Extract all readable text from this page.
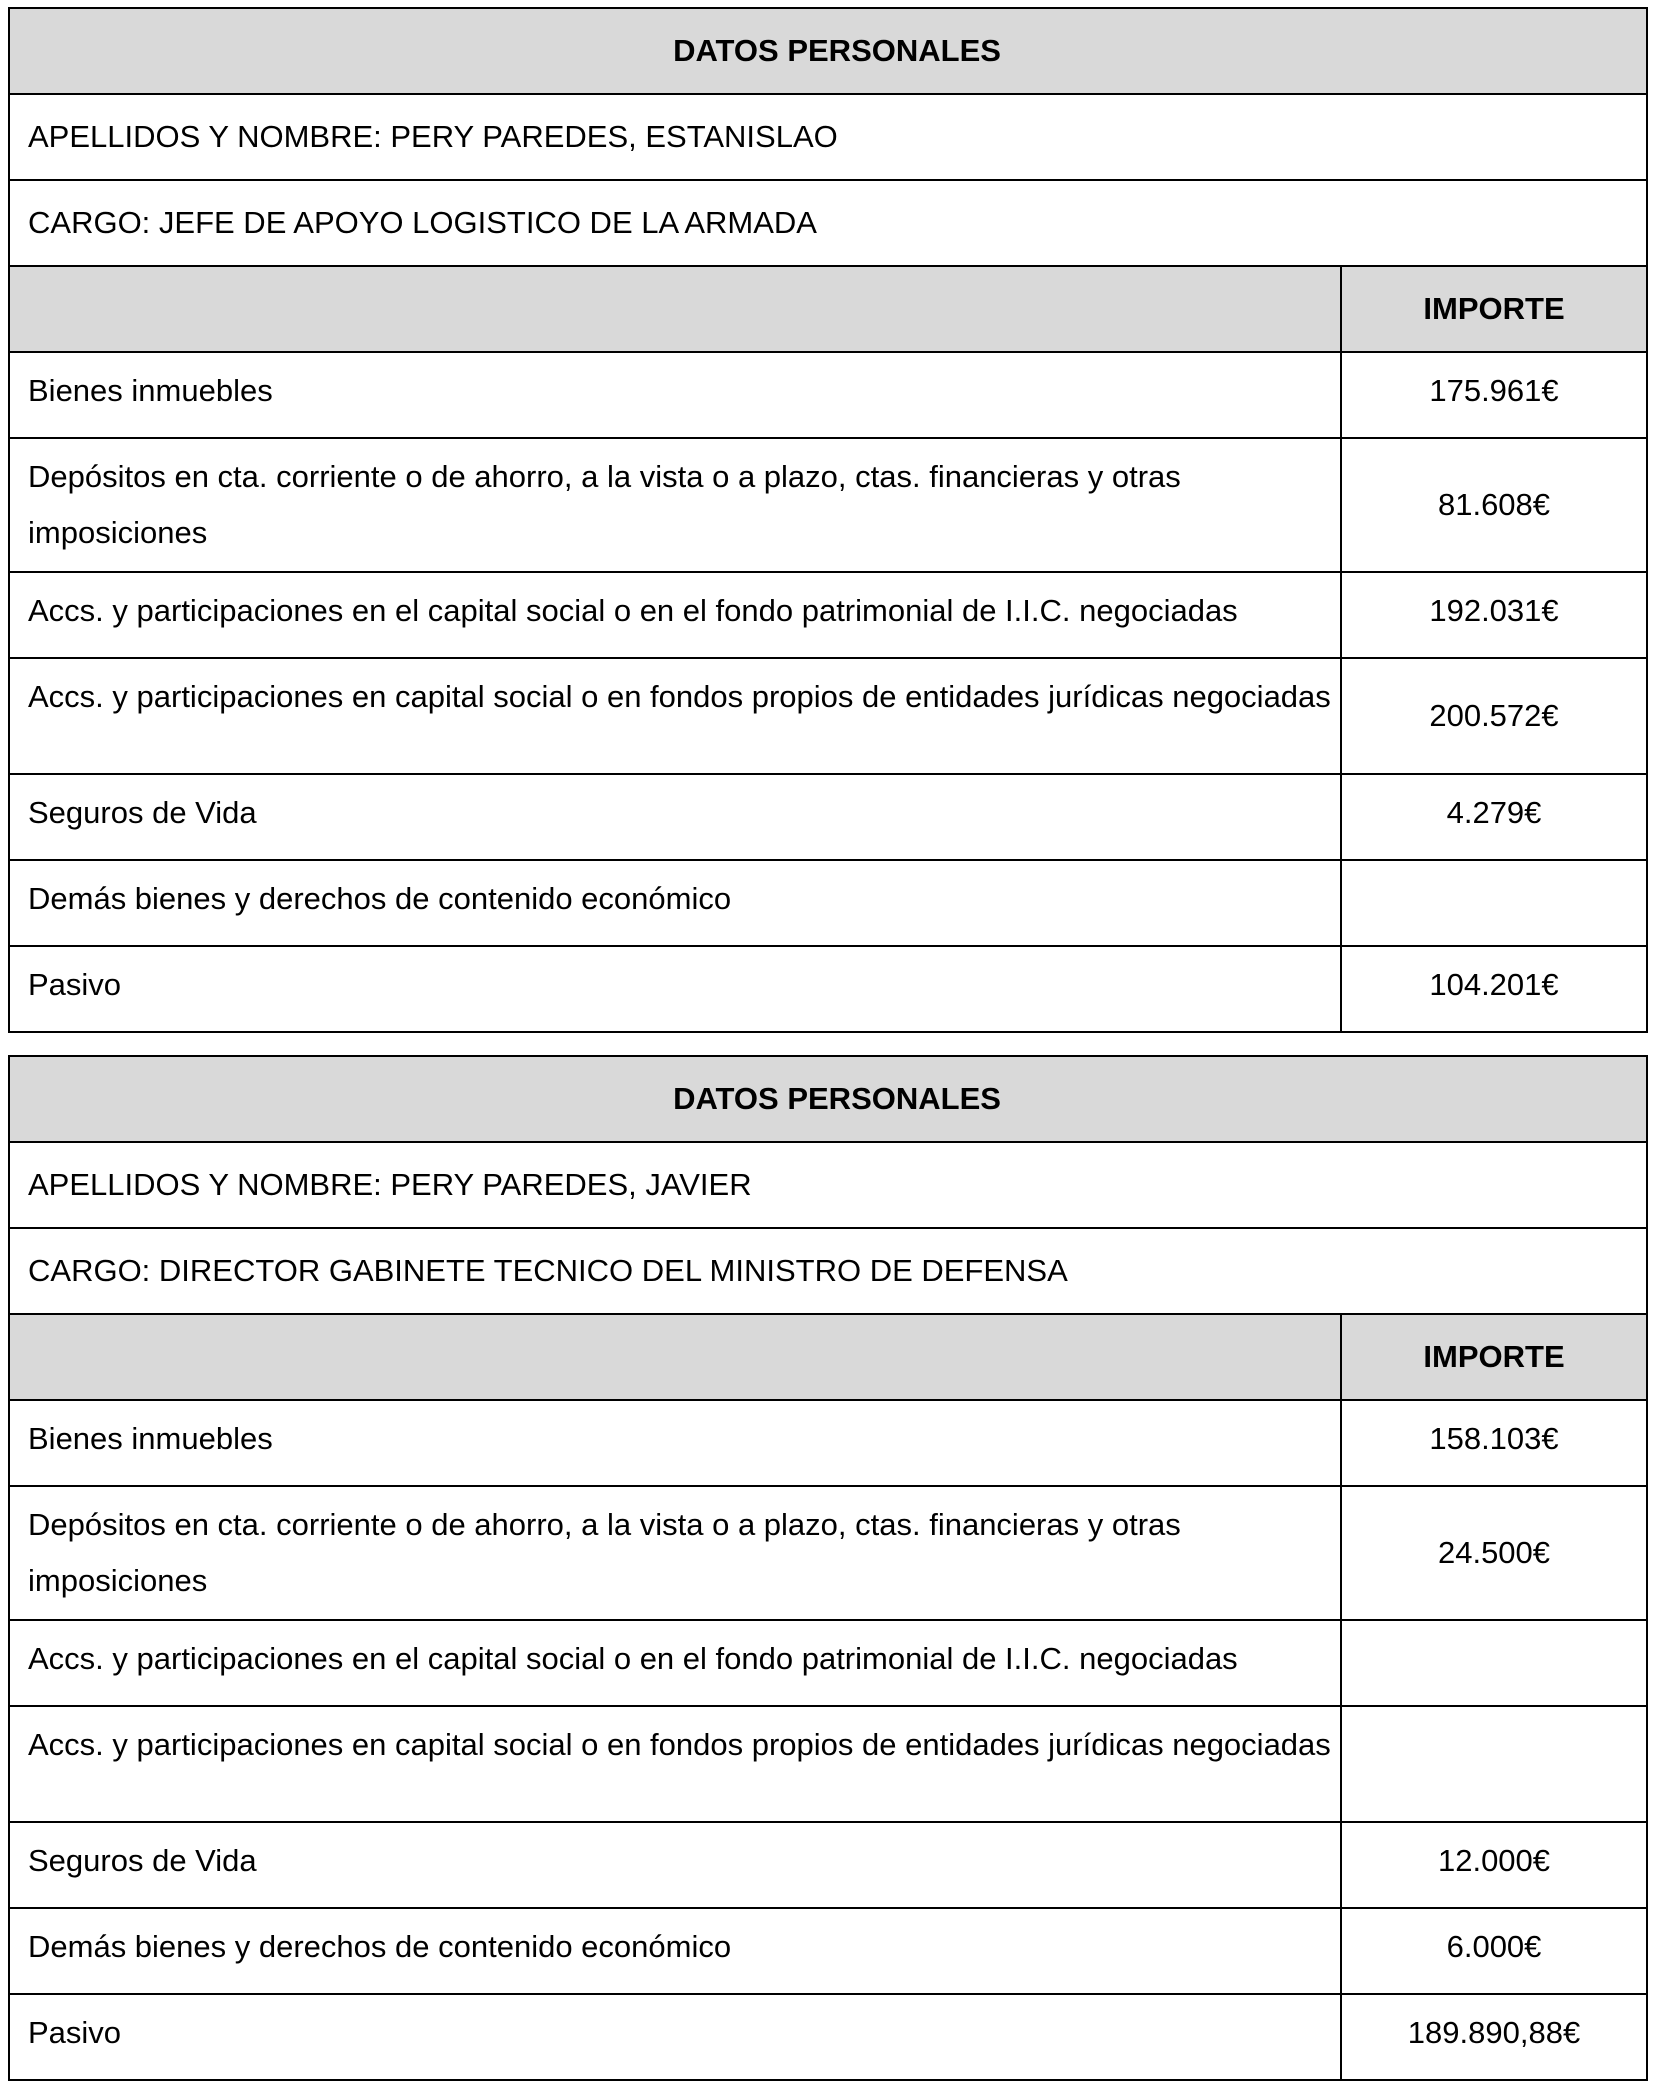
DATOS PERSONALES	
APELLIDOS Y NOMBRE: PERY PAREDES, ESTANISLAO	
CARGO: JEFE DE APOYO LOGISTICO DE LA ARMADA	
	IMPORTE
Bienes inmuebles	175.961€
Depósitos en cta. corriente o de ahorro, a la vista o a plazo, ctas. financieras y otras imposiciones	81.608€
Accs. y participaciones en el capital social o en el fondo patrimonial de I.I.C. negociadas	192.031€
Accs. y participaciones en capital social o en fondos propios de entidades jurídicas negociadas	200.572€
Seguros de Vida	4.279€
Demás bienes y derechos de contenido económico	
Pasivo	104.201€
DATOS PERSONALES	
APELLIDOS Y NOMBRE: PERY PAREDES, JAVIER	
CARGO: DIRECTOR GABINETE TECNICO DEL MINISTRO DE DEFENSA	
	IMPORTE
Bienes inmuebles	158.103€
Depósitos en cta. corriente o de ahorro, a la vista o a plazo, ctas. financieras y otras imposiciones	24.500€
Accs. y participaciones en el capital social o en el fondo patrimonial de I.I.C. negociadas	
Accs. y participaciones en capital social o en fondos propios de entidades jurídicas negociadas	
Seguros de Vida	12.000€
Demás bienes y derechos de contenido económico	6.000€
Pasivo	189.890,88€
